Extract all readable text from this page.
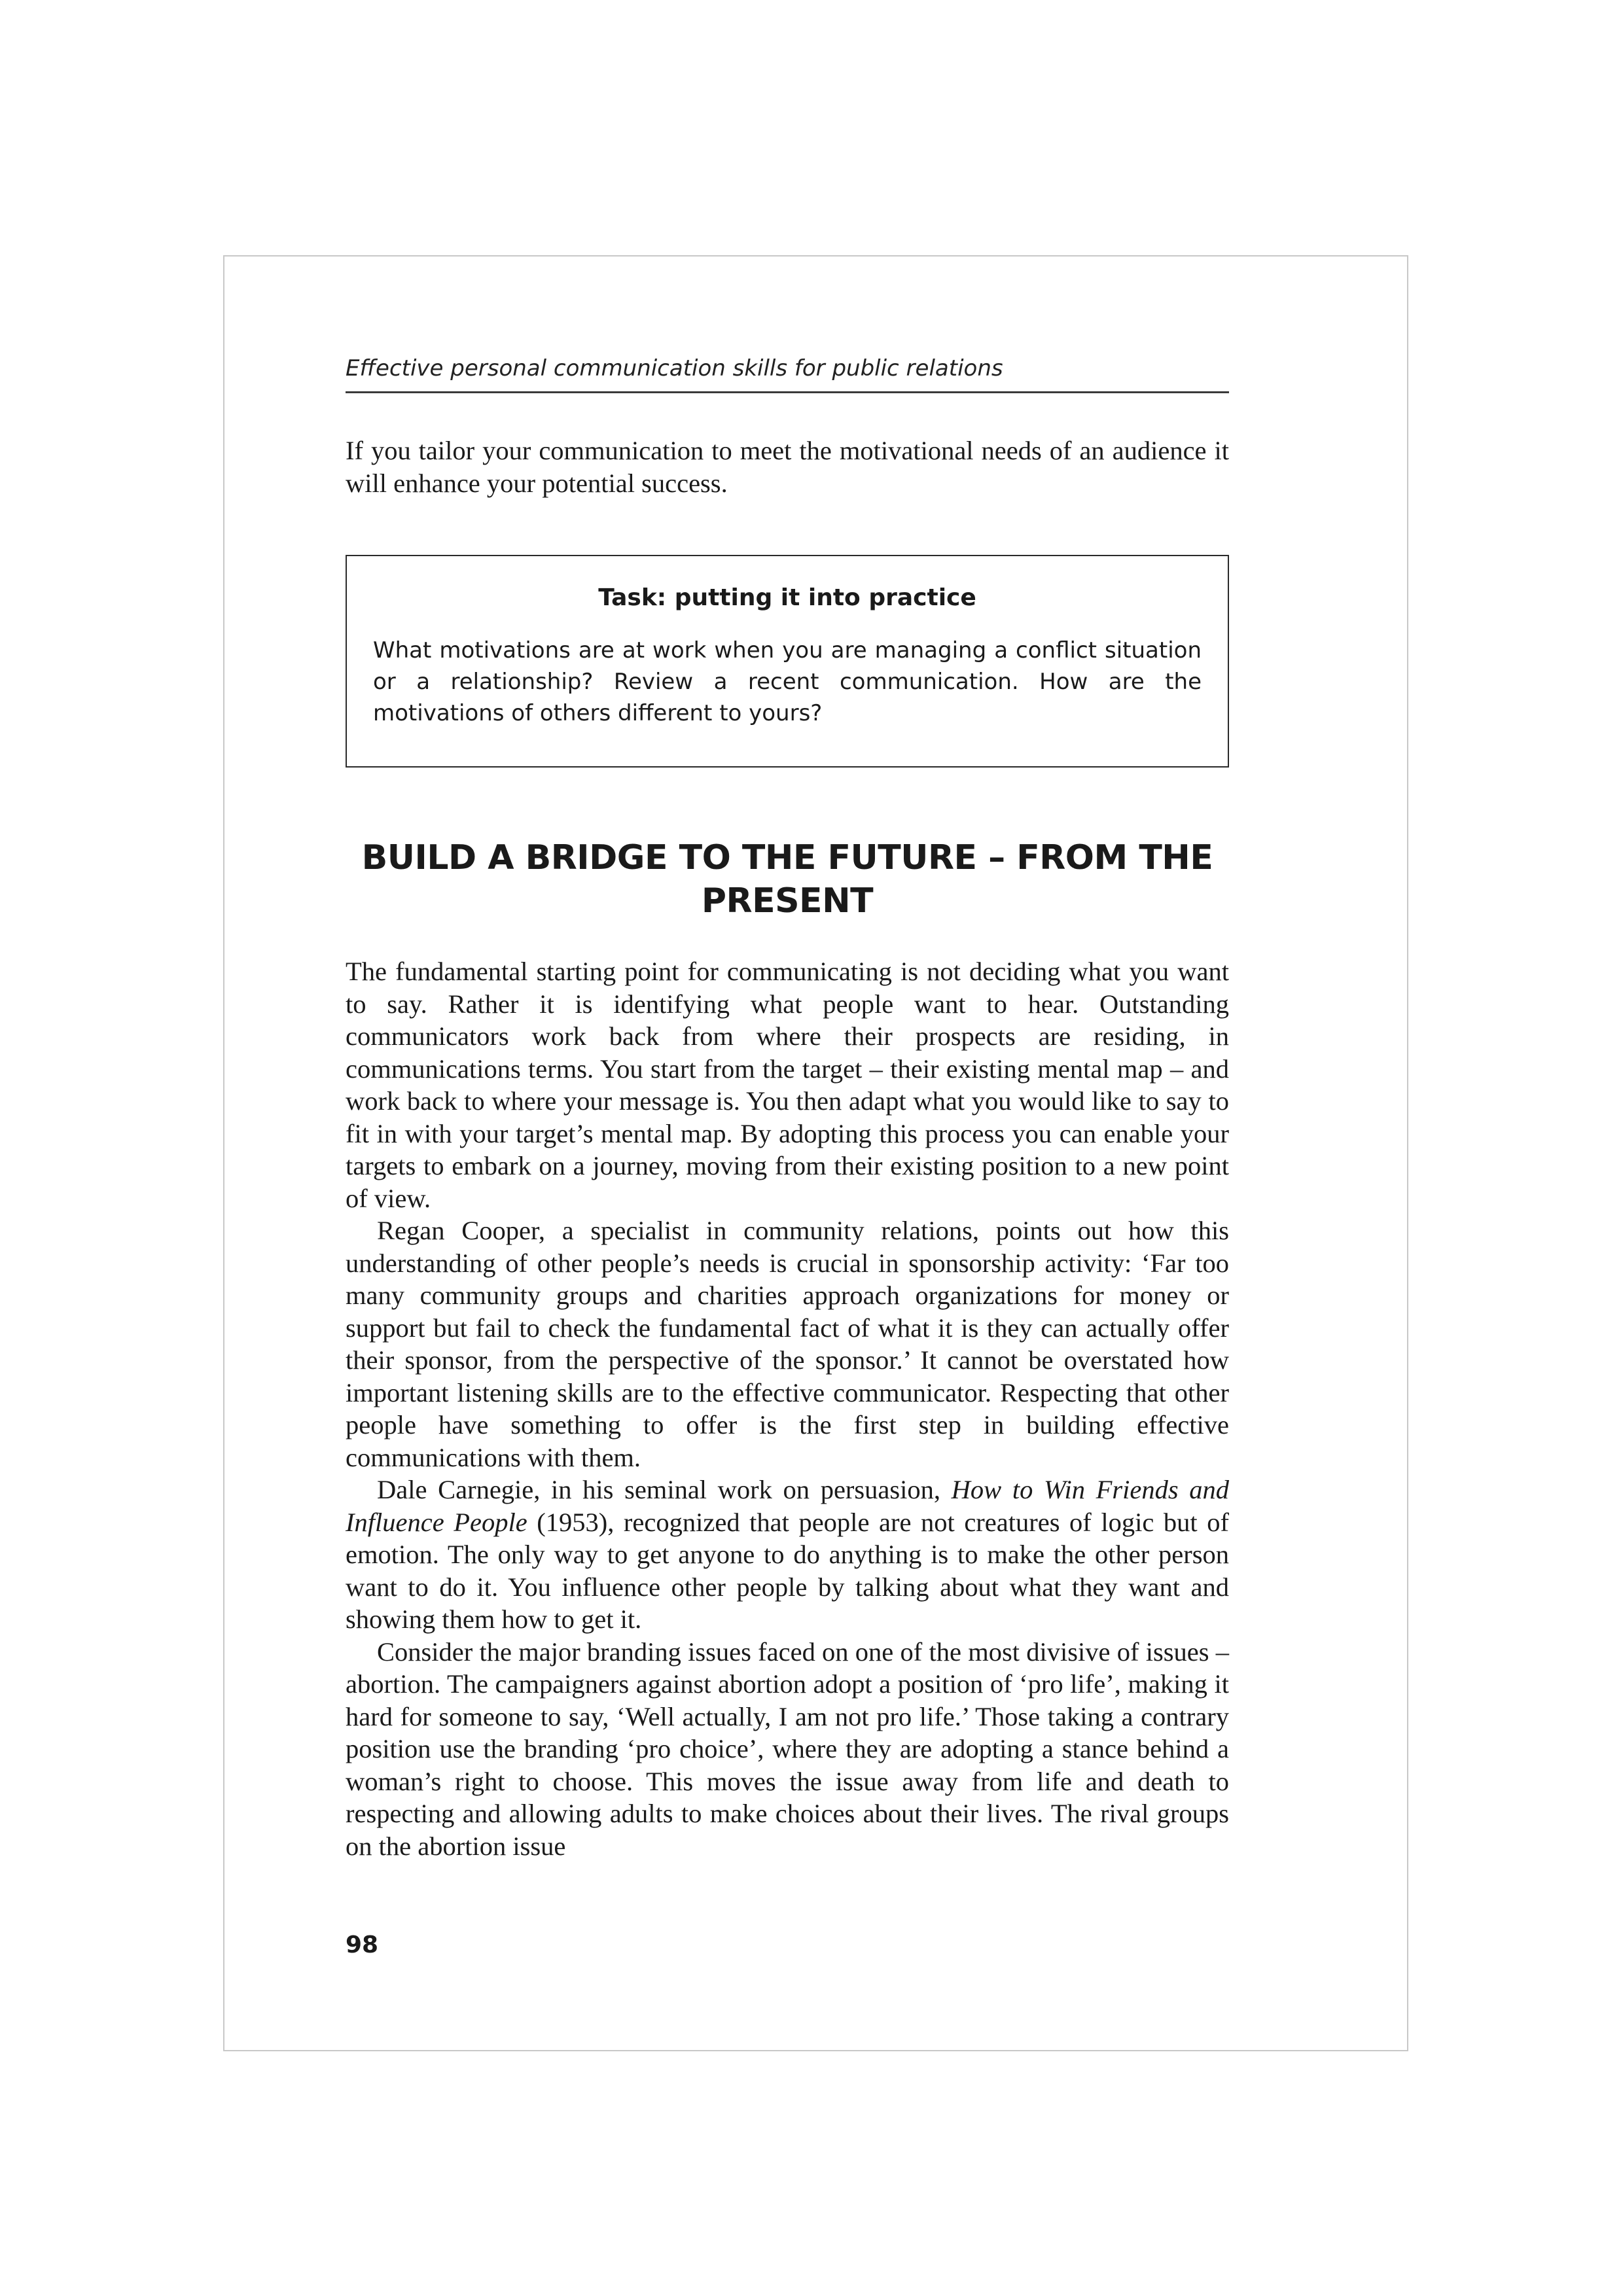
Effective personal communication skills for public relations

If you tailor your communication to meet the motivational needs of an audience it will enhance your potential success.

Task: putting it into practice
What motivations are at work when you are managing a conflict situation or a relationship? Review a recent communication. How are the motivations of others different to yours?
BUILD A BRIDGE TO THE FUTURE – FROM THE PRESENT

The fundamental starting point for communicating is not deciding what you want to say. Rather it is identifying what people want to hear. Outstanding communicators work back from where their prospects are residing, in communications terms. You start from the target – their existing mental map – and work back to where your message is. You then adapt what you would like to say to fit in with your target’s mental map. By adopting this process you can enable your targets to embark on a journey, moving from their existing position to a new point of view.

Regan Cooper, a specialist in community relations, points out how this understanding of other people’s needs is crucial in sponsorship activity: ‘Far too many community groups and charities approach organizations for money or support but fail to check the fundamental fact of what it is they can actually offer their sponsor, from the perspective of the sponsor.’ It cannot be overstated how important listening skills are to the effective communicator. Respecting that other people have something to offer is the first step in building effective communications with them.

Dale Carnegie, in his seminal work on persuasion, How to Win Friends and Influence People (1953), recognized that people are not creatures of logic but of emotion. The only way to get anyone to do anything is to make the other person want to do it. You influence other people by talking about what they want and showing them how to get it.

Consider the major branding issues faced on one of the most divisive of issues – abortion. The campaigners against abortion adopt a position of ‘pro life’, making it hard for someone to say, ‘Well actually, I am not pro life.’ Those taking a contrary position use the branding ‘pro choice’, where they are adopting a stance behind a woman’s right to choose. This moves the issue away from life and death to respecting and allowing adults to make choices about their lives. The rival groups on the abortion issue

98
